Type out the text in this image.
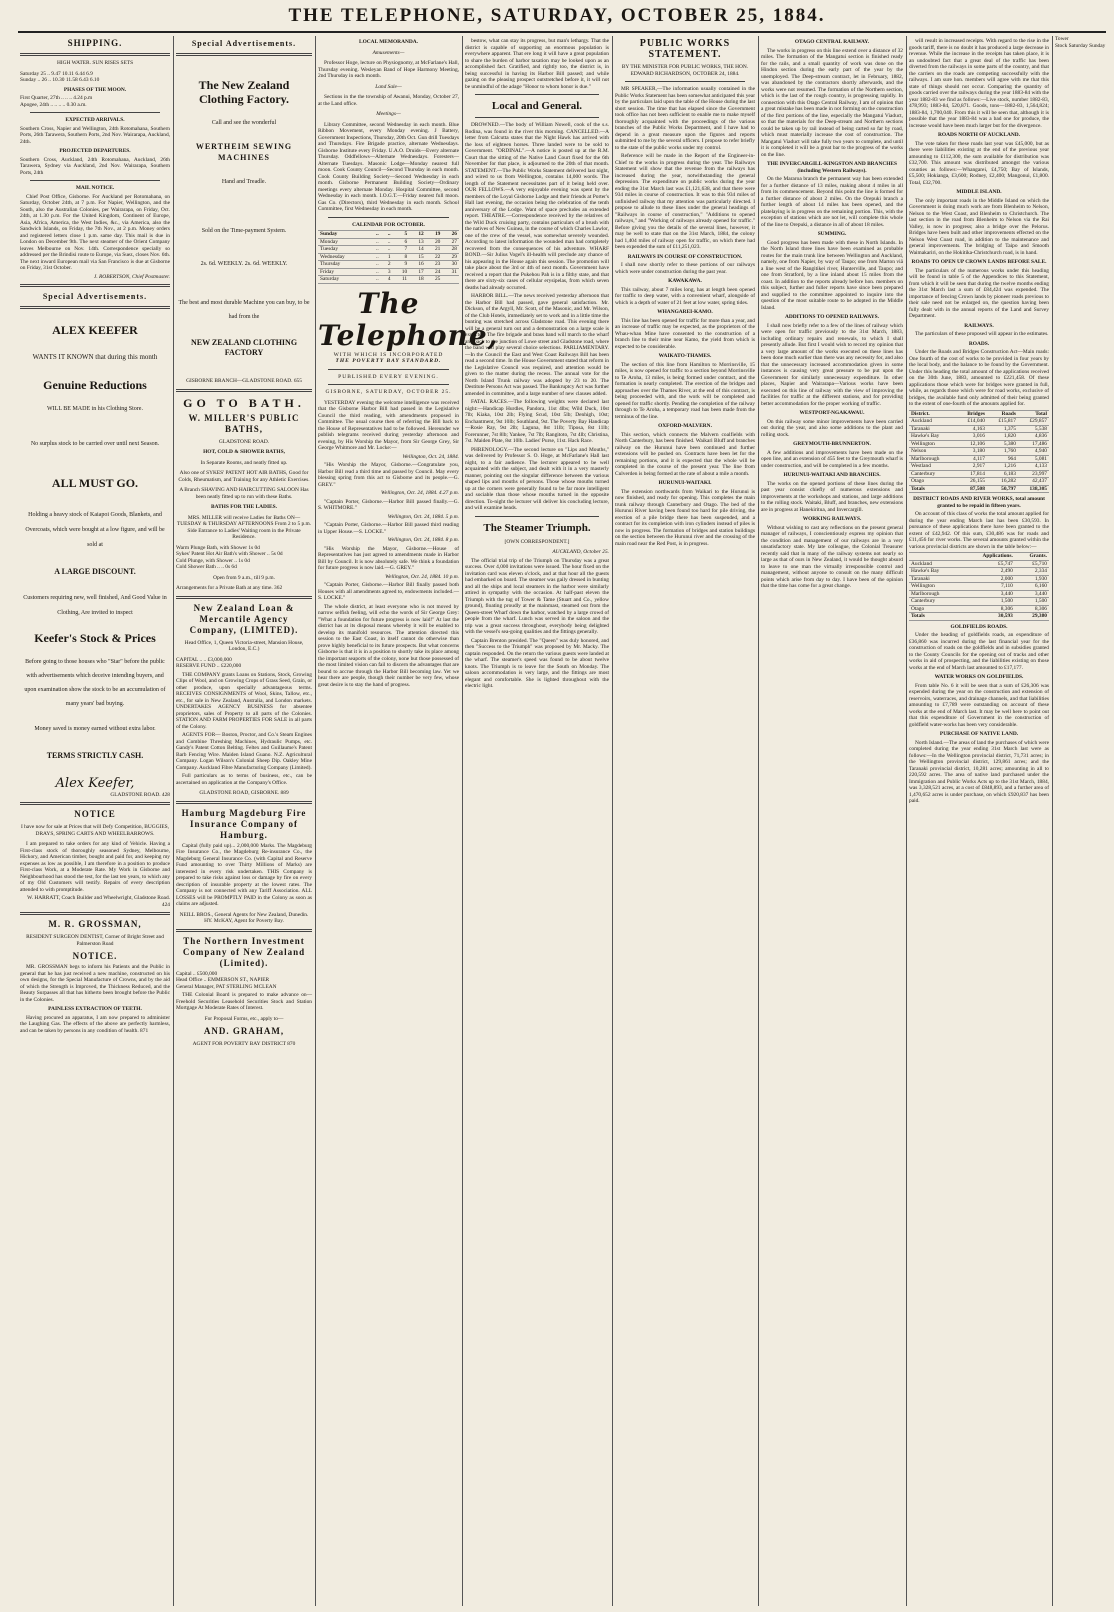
THE TELEPHONE, SATURDAY, OCTOBER 25, 1884.
SHIPPING.
HIGH WATER. SUN RISES SETS
Saturday 25 .. 9.47 10.11 6.44 6.9
Sunday .. 26 .. 10.30 11.58 6.43 6.10
PHASES OF THE MOON.
First Quarter, 27th .. .. .. 4.24 p.m
Apogee, 24th .. .. .. .. 0.30 a.m.
EXPECTED ARRIVALS.
Southern Cross, Napier and Wellington, 24th Rotomahana, Southern Ports, 26th Tarawera, Southern Ports, 2nd Nov. Wairarapa, Auckland, 24th.
PROJECTED DEPARTURES.
Southern Cross, Auckland, 24th Rotomahana, Auckland, 26th Tarawera, Sydney via Auckland, 2nd Nov. Wairarapa, Southern Ports, 24th
MAIL NOTICE.
Chief Post Office, Gisborne. For Auckland per Rotomahana, on Saturday, October 24th, at 7 p.m. For Napier, Wellington, and the South, also the Australian Colonies, per Wairarapa, on Friday, Oct. 24th, at 1.30 p.m. For the United Kingdom, Continent of Europe, Asia, Africa, America, the West Indies, &c., via America, also the Sandwich Islands, on Friday, the 7th Nov., at 2 p.m. Money orders and registered letters close 1 p.m. same day. This mail is due in London on December 9th. The next steamer of the Orient Company leaves Melbourne on Nov. 14th. Correspondence specially so addressed per the Brindisi route to Europe, via Suez, closes Nov. 6th. The next inward European mail via San Francisco is due at Gisborne on Friday, 31st October.
J. ROBERTSON, Chief Postmaster.
Special Advertisements.
ALEX KEEFER
WANTS IT KNOWN that during this month
Genuine Reductions
WILL BE MADE in his Clothing Store.
No surplus stock to be carried over until next Season.
ALL MUST GO.
Holding a heavy stock of Kaiapoi Goods, Blankets, and Overcoats, which were bought at a low figure, and will be sold at
A LARGE DISCOUNT.
Customers requiring new, well finished, And Good Value in Clothing, Are invited to inspect
Keefer's Stock & Prices
Before going to those houses who "Star" before the public with advertisements which deceive intending buyers, and upon examination show the stock to be an accumulation of many years' bad buying.
Money saved is money earned without extra labor.
TERMS STRICTLY CASH.
Alex Keefer,
GLADSTONE ROAD. 428
NOTICE
I have now for sale at Prices that will Defy Competition, BUGGIES, DRAYS, SPRING CARTS AND WHEELBARROWS.
I am prepared to take orders for any kind of Vehicle. Having a First-class stock of thoroughly seasoned Sydney, Melbourne, Hickory, and American timber, bought and paid for, and keeping my expenses as low as possible, I am therefore in a position to produce First-class Work, at a Moderate Rate. My Work in Gisborne and Neighbourhood has stood the test, for the last ten years, to which any of my Old Customers will testify. Repairs of every description attended to with promptitude.
W. HARRATT, Coach Builder and Wheelwright, Gladstone Road. 424
M. R. GROSSMAN,
RESIDENT SURGEON DENTIST, Corner of Bright Street and Palmerston Road
NOTICE.
MR. GROSSMAN begs to inform his Patients and the Public in general that he has just received a new machine, constructed on his own designs, for the Special Manufacture of Crowns, and by the aid of which the Strength is Improved, the Thickness Reduced, and the Beauty Surpasses all that has hitherto been brought before the Public in the Colonies.
PAINLESS EXTRACTION OF TEETH.
Having procured an apparatus, I am now prepared to administer the Laughing Gas. The effects of the above are perfectly harmless, and can be taken by persons in any condition of health. 871
Special Advertisements.
The New Zealand Clothing Factory.
Call and see the wonderful
WERTHEIM SEWING MACHINES
Hand and Treadle.
Sold on the Time-payment System.
2s. 6d. WEEKLY. 2s. 6d. WEEKLY.
The best and most durable Machine you can buy, to be had from the
NEW ZEALAND CLOTHING FACTORY
GISBORNE BRANCH—GLADSTONE ROAD. 655
GO TO BATH.
W. MILLER'S PUBLIC BATHS,
GLADSTONE ROAD.
HOT, COLD & SHOWER BATHS,
In Separate Rooms, and neatly fitted up.
Also one of SYKES' PATENT HOT AIR BATHS, Good for Colds, Rheumatism, and Training for any Athletic Exercises.
A Branch SHAVING AND HAIRCUTTING SALOON Has been neatly fitted up to run with these Baths.
BATHS FOR THE LADIES.
MRS. MILLER will receive Ladies for Baths ON— TUESDAY & THURSDAY AFTERNOONS From 2 to 5 p.m. Side Entrance to Ladies' Waiting room in the Private Residence.
Warm Plunge Bath, with Shower 1s 0d
Sykes' Patent Hot Air Bath's with Shower .. 5s 0d
Cold Plunge, with Shower .. 1s 0d
Cold Shower Bath .. .. 0s 6d
Open from 9 a.m., till 9 p.m.
Arrangements for a Private Bath at any time. 362
New Zealand Loan & Mercantile Agency Company, (LIMITED).
Head Office, 1, Queen Victoria-street, Mansion House, London, E.C.)
CAPITAL .. .. £3,000,000
RESERVE FUND .. £220,000
THE COMPANY grants Loans on Stations, Stock, Growing Clips of Wool, and on Growing Crops of Grass Seed, Grain, or other produce, upon specially advantageous terms. RECEIVES CONSIGNMENTS of Wool, Skins, Tallow, etc., etc., for sale in New Zealand, Australia, and London markets. UNDERTAKES AGENCY BUSINESS for absentee proprietors, sales of Property to all parts of the Colonies. STATION AND FARM PROPERTIES FOR SALE in all parts of the Colony.
AGENTS FOR— Boston, Proctor, and Co.'s Steam Engines and Combine Threshing Machines, Hydraulic Pumps, etc. Gandy's Patent Cotton Belting. Feltex and Guillaume's Patent Barb Fencing Wire. Maiden Island Guano. N.Z. Agricultural Company. Logan Wilson's Colonial Sheep Dip. Oakley Mine Company. Auckland Fibre Manufacturing Company (Limited).
Full particulars as to terms of business, etc., can be ascertained on application at the Company's Office.
GLADSTONE ROAD, GISBORNE. 889
Hamburg Magdeburg Fire Insurance Company of Hamburg.
Capital (fully paid up)... 2,000,000 Marks. The Magdeburg Fire Insurance Co., the Magdeburg Re-insurance Co., the Magdeburg General Insurance Co. (with Capital and Reserve Fund amounting to over Thirty Millions of Marks) are interested in every risk undertaken. THIS Company is prepared to take risks against loss or damage by fire on every description of insurable property at the lowest rates. The Company is not connected with any Tariff Association. ALL LOSSES will be PROMPTLY PAID in the Colony as soon as claims are adjusted.
NEILL BROS., General Agents for New Zealand, Dunedin. HY. McKAY, Agent for Poverty Bay.
The Northern Investment Company of New Zealand (Limited).
Capital .. £500,000
Head Office .. EMMERSON ST., NAPIER
General Manager, PAT STERLING MCLEAN
THE Colonial Board is prepared to make advance on— Freehold Securities Leasehold Securities Stock and Station Mortgage At Moderate Rates of Interest.
For Proposal Forms, etc., apply to—
AND. GRAHAM,
AGENT FOR POVERTY BAY DISTRICT 870
LOCAL MEMORANDA.
Amusements—
Professor Hoge, lecture on Physiognomy, at McFarlane's Hall, Thursday evening. Wesleyan Band of Hope Harmony Meeting, 2nd Thursday in each month.
Land Sale—
Sections in the the township of Awanui, Monday, October 27, at the Land office.
Meetings—
Library Committee, second Wednesday in each month. Blue Ribbon Movement, every Monday evening. J Battery, Government Inspections, Thursday, 20th Oct. Gun drill Tuesdays and Thursdays. Fire Brigade practice, alternate Wednesdays. Gisborne Institute every Friday. U.A.O. Druids—Every alternate Thursday. Oddfellows—Alternate Wednesdays. Foresters—Alternate Tuesdays. Masonic Lodge—Monday nearest full moon. Cook County Council—Second Thursday in each month. Cook County Building Society—Second Wednesday in each month. Gisborne Permanent Building Society—Ordinary meetings every alternate Monday. Hospital Committee, second Wednesday in each month. I.O.G.T.—Friday nearest full moon. Gas Co. (Directors), third Wednesday in each month. School Committee, first Wednesday in each month.
CALENDAR FOR OCTOBER.
Sunday	..	..	5	12	19	26
Monday	..	..	6	13	20	27
Tuesday	..	..	7	14	21	28
Wednesday	..	1	8	15	22	29
Thursday	..	2	9	16	23	30
Friday	..	3	10	17	24	31
Saturday	..	4	11	18	25	
The Telephone,
WITH WHICH IS INCORPORATED
THE POVERTY BAY STANDARD.
PUBLISHED EVERY EVENING.
GISBORNE, SATURDAY, OCTOBER 25.
YESTERDAY evening the welcome intelligence was received that the Gisborne Harbor Bill had passed in the Legislative Council the third reading, with amendments proposed in Committee. The usual course then of referring the Bill back to the House of Representatives had to be followed. Hereunder we publish telegrams received during yesterday afternoon and evening, by His Worship the Mayor, from Sir George Grey, Sir George Whitmore and Mr. Locke:—
Wellington, Oct. 24, 1884.
"His Worship the Mayor, Gisborne.—Congratulate you, Harbor Bill read a third time and passed by Council. May every blessing spring from this act to Gisborne and its people.—G. GREY."
Wellington, Oct. 24, 1884. 4.27 p.m.
"Captain Porter, Gisborne.—Harbor Bill passed finally.—G. S. WHITMORE."
Wellington, Oct. 24, 1884. 5 p.m.
"Captain Porter, Gisborne.—Harbor Bill passed third reading in Upper House.—S. LOCKE."
Wellington, Oct. 24, 1884. 8 p.m.
"His Worship the Mayor, Gisborne.—House of Representatives has just agreed to amendments made in Harbor Bill by Council. It is now absolutely safe. We think a foundation for future progress is now laid.—G. GREY."
Wellington, Oct. 24, 1884. 10 p.m.
"Captain Porter, Gisborne.—Harbor Bill finally passed both Houses with all amendments agreed to, endowments included.—S. LOCKE."
The whole district, at least everyone who is not moved by narrow selfish feeling, will echo the words of Sir George Grey: "What a foundation for future progress is now laid!" At last the district has at its disposal means whereby it will be enabled to develop its manifold resources. The attention directed this session to the East Coast, in itself cannot do otherwise than prove highly beneficial to its future prospects. But what concerns Gisborne is that it is in a position to shortly take its place among the important seaports of the colony, none but those possessed of the most limited vision can fail to discern the advantages that are bound to accrue through the Harbor Bill becoming law. Yet we hear there are people, though their number be very few, whose great desire is to stay the hand of progress.
bestow, what can stay its progress, but man's lethargy. That the district is capable of supporting an enormous population is everywhere apparent. That ere long it will have a great population to share the burden of harbor taxation may be looked upon as an accomplished fact. Gratified, and rightly too, the district is, in being successful in having its Harbor Bill passed; and while gazing on the pleasing prospect outstretched before it, it will not be unmindful of the adage "Honor to whom honor is due."
Local and General.
DROWNED.—The body of William Nowell, cook of the s.s. Rodina, was found in the river this morning. CANCELLED.—A letter from Calcutta states that the Night Hawk has arrived with the loss of eighteen horses. Three landed were to be sold to Government. "ORDINAL".—A notice is posted up at the R.M. Court that the sitting of the Native Land Court fixed for the 6th November for that place, is adjourned to the 20th of that month. STATEMENT.—The Public Works Statement delivered last night, and wired to us from Wellington, contains 14,000 words. The length of the Statement necessitates part of it being held over. OUR FELLOWS.—A very enjoyable evening was spent by the members of the Loyal Gisborne Lodge and their friends at Porter's Hall last evening, the occasion being the celebration of the tenth anniversary of the Lodge. Want of space precludes an extended report. THEATRE.—Correspondence received by the relatives of the Wild Duck cruising party, contains particulars of a brush with the natives of New Guinea, in the course of which Charles Lawlor, one of the crew of the vessel, was somewhat severely wounded. According to latest information the wounded man had completely recovered from the consequences of his adventure. WHARF BOND.—Sir Julius Vogel's ill-health will preclude any chance of his appearing in the House again this session. The promotion will take place about the 3rd or 4th of next month. Government have received a report that the Pukehou Pah is in a filthy state, and that there are sixty-six cases of cellular erysipelas, from which seven deaths had already occurred.
HARBOR BILL.—The news received yesterday afternoon that the Harbor Bill had passed, gave general satisfaction. Mr. Dickson, of the Argyll, Mr. Scott, of the Masonic, and Mr. Wilson, of the Club Hotels, immediately set to work and in a little time the bunting was stretched across Gladstone road. This evening there will be a general turn out and a demonstration on a large scale is expected. The fire brigade and brass band will march to the wharf and back to the junction of Lowe street and Gladstone road, where the band will play several choice selections. PARLIAMENTARY.—In the Council the East and West Coast Railways Bill has been read a second time. In the House Government stated that reform in the Legislative Council was required, and attention would be given to the matter during the recess. The annual vote for the North Island Trunk railway was adopted by 23 to 20. The Destitute Persons Act was passed. The Bankruptcy Act was further amended in committee, and a large number of new clauses added.
FATAL RACES.—The following weights were declared last night:—Handicap Hurdles, Pandora, 11st 4lbs; Wild Duck, 10st 7lb; Kiaka, 10st 2lb; Flying Scud, 10st 5lb; Denhigh, 10st; Enchantment, 9st 10lb; Southland, 9st. The Poverty Bay Handicap—Rosie Ray, 9st 2lb; Laguna, 8st 11lb; Tiposa, 8st 11lb; Forerunner, 7st 8lb; Yankee, 7st 7lb; Rangitoto, 7st 4lb; Christina, 7st. Maiden Plate, 8st 10lb. Ladies' Purse, 11st. Hack Race.
PHRENOLOGY.—The second lecture on "Lips and Mouths," was delivered by Professor S. O. Hoge, at McFarlane's Hall last night, to a fair audience. The lecturer appeared to be well acquainted with the subject, and dealt with it in a very masterly manner, pointing out the singular difference between the various shaped lips and mouths of persons. Those whose mouths turned up at the corners were generally found to be far more intelligent and sociable than those whose mouths turned in the opposite direction. To-night the lecturer will deliver his concluding lecture, and will examine heads.
The Steamer Triumph.
[OWN CORRESPONDENT.]
AUCKLAND, October 25.
The official trial trip of the Triumph on Thursday was a great success. Over 4,000 invitations were issued. The hour fixed on the invitation card was eleven o'clock, and at that hour all the guests had embarked on board. The steamer was gaily dressed in bunting and all the ships and local steamers in the harbor were similarly attired in sympathy with the occasion. At half-past eleven the Triumph with the tug of Tower & Tame (Stuart and Co., yellow ground), floating proudly at the mainmast, steamed out from the Queen-street Wharf down the harbor, watched by a large crowd of people from the wharf. Lunch was served in the saloon and the trip was a great success throughout, everybody being delighted with the vessel's sea-going qualities and the fittings generally.
Captain Brenton presided. The "Queen" was duly honored, and then "Success to the Triumph" was proposed by Mr. Macky. The captain responded. On the return the various guests were landed at the wharf. The steamer's speed was found to be about twelve knots. The Triumph is to leave for the South on Monday. The saloon accommodation is very large, and the fittings are most elegant and comfortable. She is lighted throughout with the electric light.
PUBLIC WORKS STATEMENT.
BY THE MINISTER FOR PUBLIC WORKS, THE HON. EDWARD RICHARDSON, OCTOBER 24, 1884.
MR SPEAKER,—The information usually contained in the Public Works Statement has been somewhat anticipated this year by the particulars laid upon the table of the House during the last short session. The time that has elapsed since the Government took office has not been sufficient to enable me to make myself thoroughly acquainted with the proceedings of the various branches of the Public Works Department, and I have had to depend in a great measure upon the figures and reports submitted to me by the several officers. I propose to refer briefly to the state of the public works under my control.
Reference will be made in the Report of the Engineer-in-Chief to the works in progress during the year. The Railways Statement will show that the revenue from the railways has increased during the year, notwithstanding the general depression. The expenditure on public works during the year ending the 31st March last was £1,121,638, and that there were 934 miles in course of construction. It was to this 934 miles of unfinished railway that my attention was particularly directed. I propose to allude to these lines under the general headings of "Railways in course of construction," "Additions to opened railways," and "Working of railways already opened for traffic." Before giving you the details of the several lines, however, it may be well to state that on the 31st March, 1884, the colony had 1,404 miles of railway open for traffic, on which there had been expended the sum of £11,251,023.
RAILWAYS IN COURSE OF CONSTRUCTION.
I shall now shortly refer to these portions of our railways which were under construction during the past year.
KAWAKAWA.
This railway, about 7 miles long, has at length been opened for traffic to deep water, with a convenient wharf, alongside of which is a depth of water of 21 feet at low water, spring tides.
WHANGAREI-KAMO.
This line has been opened for traffic for more than a year, and an increase of traffic may be expected, as the proprietors of the Whau-whau Mine have consented to the construction of a branch line to their mine near Kamo, the yield from which is expected to be considerable.
WAIKATO-THAMES.
The section of this line from Hamilton to Morrinsville, 15 miles, is now opened for traffic to a section beyond Morrinsville to Te Aroha, 13 miles, is being formed under contract, and the formation is nearly completed. The erection of the bridges and approaches over the Thames River, at the end of this contract, is being proceeded with, and the work will be completed and opened for traffic shortly. Pending the completion of the railway through to Te Aroha, a temporary road has been made from the terminus of the line.
OXFORD-MALVERN.
This section, which connects the Malvern coalfields with North Canterbury, has been finished. Waikari Bluff and branches railway on the Hurunui have been continued and further extensions will be pushed on. Contracts have been let for the remaining portions, and it is expected that the whole will be completed in the course of the present year. The line from Culverden is being formed at the rate of about a mile a month.
HURUNUI-WAITAKI.
The extension northwards from Waikari to the Hurunui is now finished, and ready for opening. This completes the main trunk railway through Canterbury and Otago. The bed of the Hurunui River having been found too hard for pile driving, the erection of a pile bridge there has been suspended, and a contract for its completion with iron cylinders instead of piles is now in progress. The formation of bridges and station buildings on the section between the Hurunui river and the crossing of the main road near the Red Post, is in progress.
OTAGO CENTRAL RAILWAY.
The works in progress on this line extend over a distance of 32 miles. The formation of the Mangatui section is finished ready for the rails, and a small quantity of work was done on the Hindon section during the early part of the year by the unemployed. The Deep-stream contract, let in February, 1882, was abandoned by the contractors shortly afterwards, and the works were not resumed. The formation of the Northern section, which is the last of the rough country, is progressing rapidly. In connection with this Otago Central Railway, I am of opinion that a great mistake has been made in not forming on the construction of the first portions of the line, especially the Mangatui Viaduct, so that the materials for the Deep-stream and Northern sections could be taken up by rail instead of being carted so far by road, which must materially increase the cost of construction. The Mangatui Viaduct will take fully two years to complete, and until it is completed it will be a great bar to the progress of the works on the line.
THE INVERCARGILL-KINGSTON AND BRANCHES (including Western Railways).
On the Mararoa branch the permanent way has been extended for a further distance of 13 miles, making about 4 miles in all from its commencement. Beyond this point the line is formed for a further distance of about 2 miles. On the Orepuki branch a further length of about 14 miles has been opened, and the platelaying is in progress on the remaining portion. This, with the exception of stations which are not let, will complete this whole of the line to Orepuki, a distance in all of about 18 miles.
SUMMING.
Good progress has been made with these in North Islands. In the North Island three lines have been examined as probable routes for the main trunk line between Wellington and Auckland, namely, one from Napier, by way of Taupo; one from Marton viâ a line west of the Rangitikei river, Hunterville, and Taupo; and one from Stratford, by a line inland about 15 miles from the coast. In addition to the reports already before hon. members on this subject, further and fuller reports have since been prepared and supplied to the committee appointed to inquire into the question of the most suitable route to be adopted in the Middle Island.
ADDITIONS TO OPENED RAILWAYS.
I shall now briefly refer to a few of the lines of railway which were open for traffic previously to the 31st March, 1883, including ordinary repairs and renewals, to which I shall presently allude. But first I would wish to record my opinion that a very large amount of the works executed on these lines has been done much earlier than there was any necessity for, and also that the unnecessary increased accommodation given in some instances is causing very great pressure to be put upon the Government for similarly unnecessary expenditure. In other places, Napier and Wairarapa—Various works have been executed on this line of railway with the view of improving the facilities for traffic at the different stations, and for providing better accommodation for the proper working of traffic.
WESTPORT-NGAKAWAU.
On this railway some minor improvements have been carried out during the year, and also some additions to the plant and rolling stock.
GREYMOUTH-BRUNNERTON.
A few additions and improvements have been made on the open line, and an extension of 455 feet to the Greymouth wharf is under construction, and will be completed in a few months.
HURUNUI-WAITAKI AND BRANCHES.
The works on the opened portions of these lines during the past year consist chiefly of numerous extensions and improvements at the workshops and stations, and large additions to the rolling stock. Waitaki, Bluff, and branches, new extensions are in progress at Hanekiritua, and Invercargill.
WORKING RAILWAYS.
Without wishing to cast any reflections on the present general manager of railways, I conscientiously express my opinion that the condition and management of our railways are in a very unsatisfactory state. My late colleague, the Colonial Treasurer recently said that in many of the railway systems not nearly so large as that of ours in New Zealand, it would be thought absurd to leave to one man the virtually irresponsible control and management, without anyone to consult on the many difficult points which arise from day to day. I have been of the opinion that the time has come for a great change.
will result in increased receipts. With regard to the rise in the goods tariff, there is no doubt it has produced a large decrease in revenue. While the increase in the receipts has taken place, it is an undoubted fact that a great deal of the traffic has been diverted from the railways in some parts of the country, and that the carriers on the roads are competing successfully with the railways. I am sure hon. members will agree with me that this state of things should not occur. Comparing the quantity of goods carried over the railways during the year 1883-84 with the year 1882-83 we find as follows:—Live stock, number 1882-83, 478,993; 1883-84, 520,871. Goods, tons—1882-83, 1,564,824; 1883-84, 1,700,040. From this it will be seen that, although it is possible that the year 1883-84 was a bad one for produce, the increase would have been much larger but for the divergence.
ROADS NORTH OF AUCKLAND.
The vote taken for these roads last year was £45,000, but as there were liabilities existing at the end of the previous year amounting to £112,300, the sum available for distribution was £32,700. This amount was distributed amongst the various counties as follows:—Whangarei, £4,750; Bay of Islands, £5,500; Hokianga, £3,600; Rodney, £2,400; Mangonui, £1,800. Total, £32,700.
MIDDLE ISLAND.
The only important roads in the Middle Island on which the Government is doing much work are from Blenheim to Nelson, Nelson to the West Coast, and Blenheim to Christchurch. The last section in the road from Blenheim to Nelson via the Rai Valley, is now in progress; also a bridge over the Pelorus. Bridges have been built and other improvements effected on the Nelson West Coast road, in addition to the maintenance and general improvements. The bridging of Taipo and Smooth Waimakariri, on the Hokitika-Christchurch road, is in hand.
ROADS TO OPEN UP CROWN LANDS BEFORE SALE.
The particulars of the numerous works under this heading will be found in table 5 of the Appendices to this Statement, from which it will be seen that during the twelve months ending the 31st March last a sum of £84,424 was expended. The importance of fencing Crown lands by pioneer roads previous to their sale need not be enlarged on, the question having been fully dealt with in the annual reports of the Land and Survey Department.
RAILWAYS.
The particulars of these proposed will appear in the estimates.
ROADS.
Under the Roads and Bridges Construction Act—Main roads: One fourth of the cost of works to be provided in four years by the local body, and the balance to be found by the Government. Under this heading the total amount of the applications received on the 30th June, 1883, amounted to £221,458. Of these applications those which were for bridges were granted in full, while, as regards those which were for road works, exclusive of bridges, the available fund only admitted of their being granted to the extent of one-fourth of the amounts applied for.
District.	Bridges	Roads	Total
Auckland	£14,040	£15,817	£29,857
Taranaki	4,163	1,375	5,538
Hawke's Bay	3,016	1,820	4,836
Wellington	12,106	5,380	17,486
Nelson	3,180	1,760	4,940
Marlborough	4,117	964	5,081
Westland	2,917	1,216	4,133
Canterbury	17,814	6,183	23,997
Otago	26,155	16,282	42,437
Totals	87,508	50,797	138,305
DISTRICT ROADS AND RIVER WORKS, total amount granted to be repaid in fifteen years.
On account of this class of works the total amount applied for during the year ending March last has been £30,593. In pursuance of these applications there have been granted to the extent of £42,942. Of this sum, £30,486 was for roads and £11,456 for river works. The several amounts granted within the various provincial districts are shown in the table below:—
	Applications.	Grants.
Auckland	£5,747	£5,710
Hawke's Bay	2,490	2,334
Taranaki	2,000	1,930
Wellington	7,110	6,160
Marlborough	3,440	3,440
Canterbury	1,500	1,500
Otago	8,306	8,306
Totals	30,593	29,380
GOLDFIELDS ROADS.
Under the heading of goldfields roads, an expenditure of £36,860 was incurred during the last financial year for the construction of roads on the goldfields and in subsidies granted to the County Councils for the opening out of tracks and other works in aid of prospecting, and the liabilities existing on those works at the end of March last amounted to £17,177.
WATER WORKS ON GOLDFIELDS.
From table No. 6 it will be seen that a sum of £26,306 was expended during the year on the construction and extension of reservoirs, waterraces, and drainage channels, and that liabilities amounting to £7,789 were outstanding on account of these works at the end of March last. It may be well here to point out that this expenditure of Government in the construction of goldfield water-works has been very considerable.
PURCHASE OF NATIVE LAND.
North Island.—The areas of land the purchases of which were completed during the year ending 31st March last were as follows:—In the Wellington provincial district, 71,731 acres; in the Wellington provincial district, 129,861 acres; and the Taranaki provincial district, 10,281 acres; amounting in all to 220,592 acres. The area of native land purchased under the Immigration and Public Works Acts up to the 31st March, 1884, was 3,328,521 acres, at a cost of £848,893, and a further area of 1,470,652 acres is under purchase, on which £920,837 has been paid.
Tower
Stock Saturday Sunday
